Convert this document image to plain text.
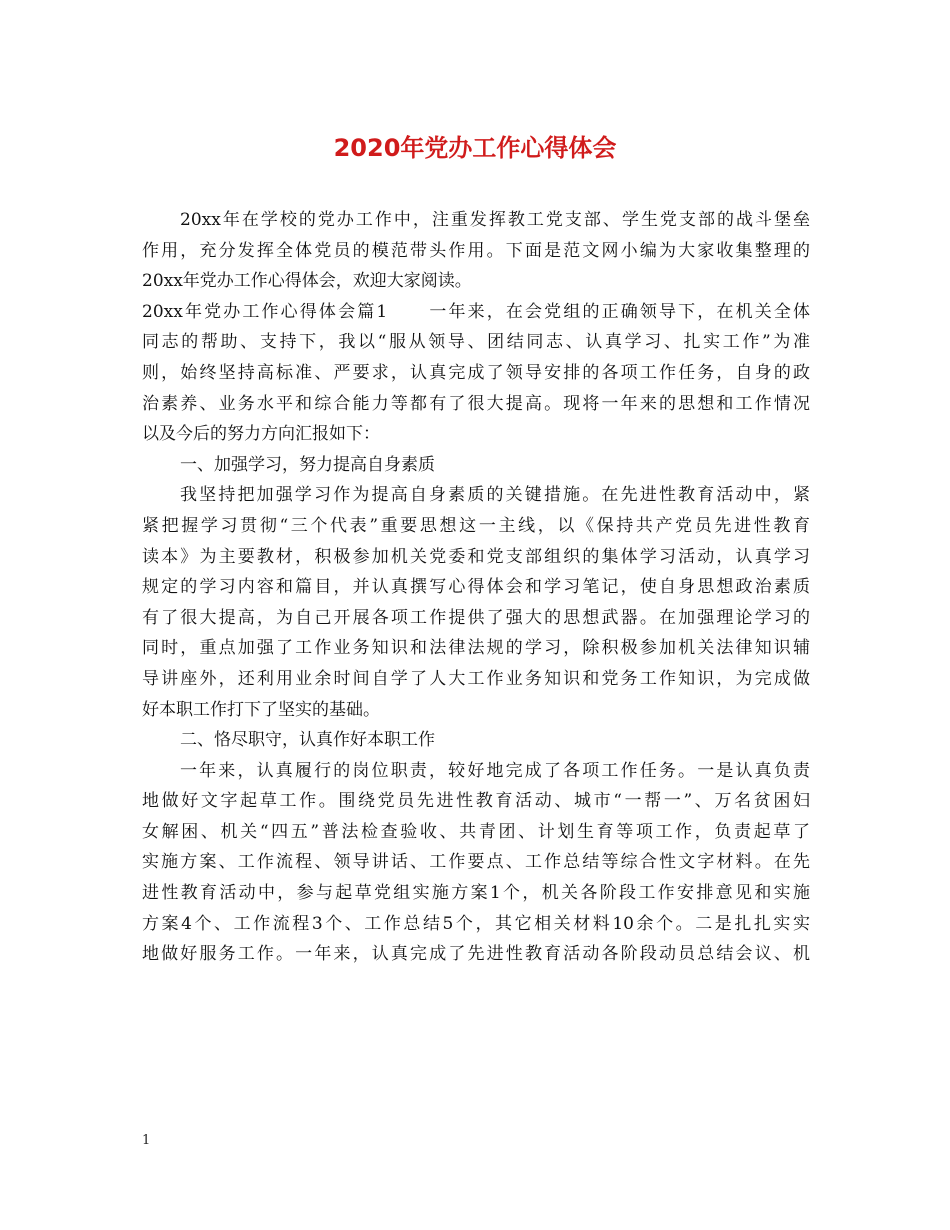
2020年党办工作心得体会
20xx年在学校的党办工作中，注重发挥教工党支部、学生党支部的战斗堡垒
作用，充分发挥全体党员的模范带头作用。下面是范文网小编为大家收集整理的
20xx年党办工作心得体会，欢迎大家阅读。
20xx年党办工作心得体会篇1 一年来，在会党组的正确领导下，在机关全体
同志的帮助、支持下，我以“服从领导、团结同志、认真学习、扎实工作”为准
则，始终坚持高标准、严要求，认真完成了领导安排的各项工作任务，自身的政
治素养、业务水平和综合能力等都有了很大提高。现将一年来的思想和工作情况
以及今后的努力方向汇报如下：
一、加强学习，努力提高自身素质
我坚持把加强学习作为提高自身素质的关键措施。在先进性教育活动中，紧
紧把握学习贯彻“三个代表”重要思想这一主线，以《保持共产党员先进性教育
读本》为主要教材，积极参加机关党委和党支部组织的集体学习活动，认真学习
规定的学习内容和篇目，并认真撰写心得体会和学习笔记，使自身思想政治素质
有了很大提高，为自己开展各项工作提供了强大的思想武器。在加强理论学习的
同时，重点加强了工作业务知识和法律法规的学习，除积极参加机关法律知识辅
导讲座外，还利用业余时间自学了人大工作业务知识和党务工作知识，为完成做
好本职工作打下了坚实的基础。
二、恪尽职守，认真作好本职工作
一年来，认真履行的岗位职责，较好地完成了各项工作任务。一是认真负责
地做好文字起草工作。围绕党员先进性教育活动、城市“一帮一”、万名贫困妇
女解困、机关“四五”普法检查验收、共青团、计划生育等项工作，负责起草了
实施方案、工作流程、领导讲话、工作要点、工作总结等综合性文字材料。在先
进性教育活动中，参与起草党组实施方案1个，机关各阶段工作安排意见和实施
方案4个、工作流程3个、工作总结5个，其它相关材料10余个。二是扎扎实实
地做好服务工作。一年来，认真完成了先进性教育活动各阶段动员总结会议、机
1
